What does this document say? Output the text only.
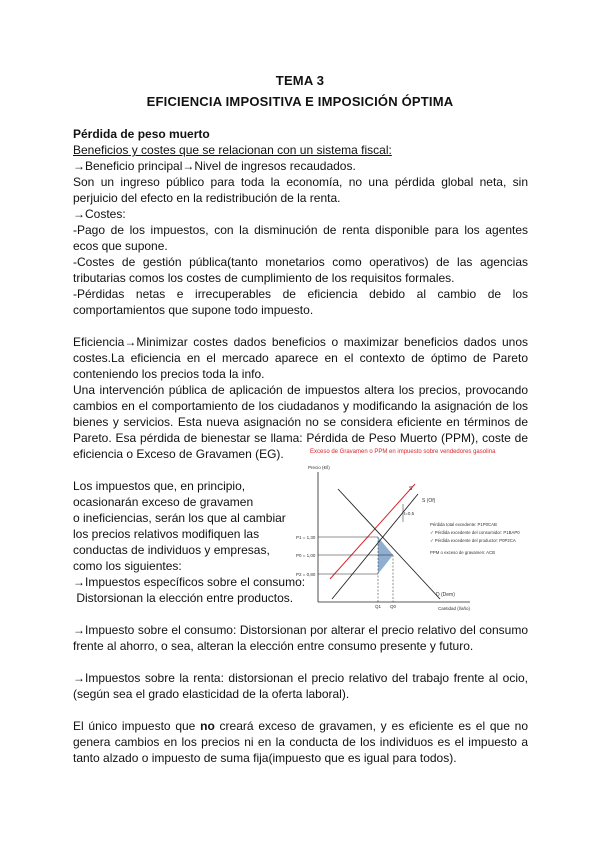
TEMA 3
EFICIENCIA IMPOSITIVA E IMPOSICIÓN ÓPTIMA
Pérdida de peso muerto
Beneficios y costes que se relacionan con un sistema fiscal:
→Beneficio principal→Nivel de ingresos recaudados.
Son un ingreso público para toda la economía, no una pérdida global neta, sin perjuicio del efecto en la redistribución de la renta.
→Costes:
-Pago de los impuestos, con la disminución de renta disponible para los agentes ecos que supone.
-Costes de gestión pública(tanto monetarios como operativos) de las agencias tributarias comos los costes de cumplimiento de los requisitos formales.
-Pérdidas netas e irrecuperables de eficiencia debido al cambio de los comportamientos que supone todo impuesto.
Eficiencia→Minimizar costes dados beneficios o maximizar beneficios dados unos costes.La eficiencia en el mercado aparece en el contexto de óptimo de Pareto conteniendo los precios toda la info.
Una intervención pública de aplicación de impuestos altera los precios, provocando cambios en el comportamiento de los ciudadanos y modificando la asignación de los bienes y servicios. Esta nueva asignación no se considera eficiente en términos de Pareto. Esa pérdida de bienestar se llama: Pérdida de Peso Muerto (PPM), coste de eficiencia o Exceso de Gravamen (EG).
Los impuestos que, en principio,
ocasionarán exceso de gravamen
o ineficiencias, serán los que al cambiar
los precios relativos modifiquen las
conductas de individuos y empresas,
como los siguientes:
→Impuestos específicos sobre el consumo:
Distorsionan la elección entre productos.
Exceso de Gravamen o PPM en impuesto sobre vendedores gasolina
Precio (€/l)
Cantidad (l/año)
t=0,5
S'
S (Of)
D (Dem)
P1 = 1,30
P0 = 1,00
P2 = 0,80
Q1 Q0
Pérdida total excedente: P1P0CAB
✓ Pérdida excedente del consumidor: P1BAP0
✓ Pérdida excedente del productor: P0P2CA
PPM o exceso de gravamen: ACB
→Impuesto sobre el consumo: Distorsionan por alterar el precio relativo del consumo frente al ahorro, o sea, alteran la elección entre consumo presente y futuro.
→Impuestos sobre la renta: distorsionan el precio relativo del trabajo frente al ocio, (según sea el grado elasticidad de la oferta laboral).
El único impuesto que no creará exceso de gravamen, y es eficiente es el que no genera cambios en los precios ni en la conducta de los individuos es el impuesto a tanto alzado o impuesto de suma fija(impuesto que es igual para todos).
